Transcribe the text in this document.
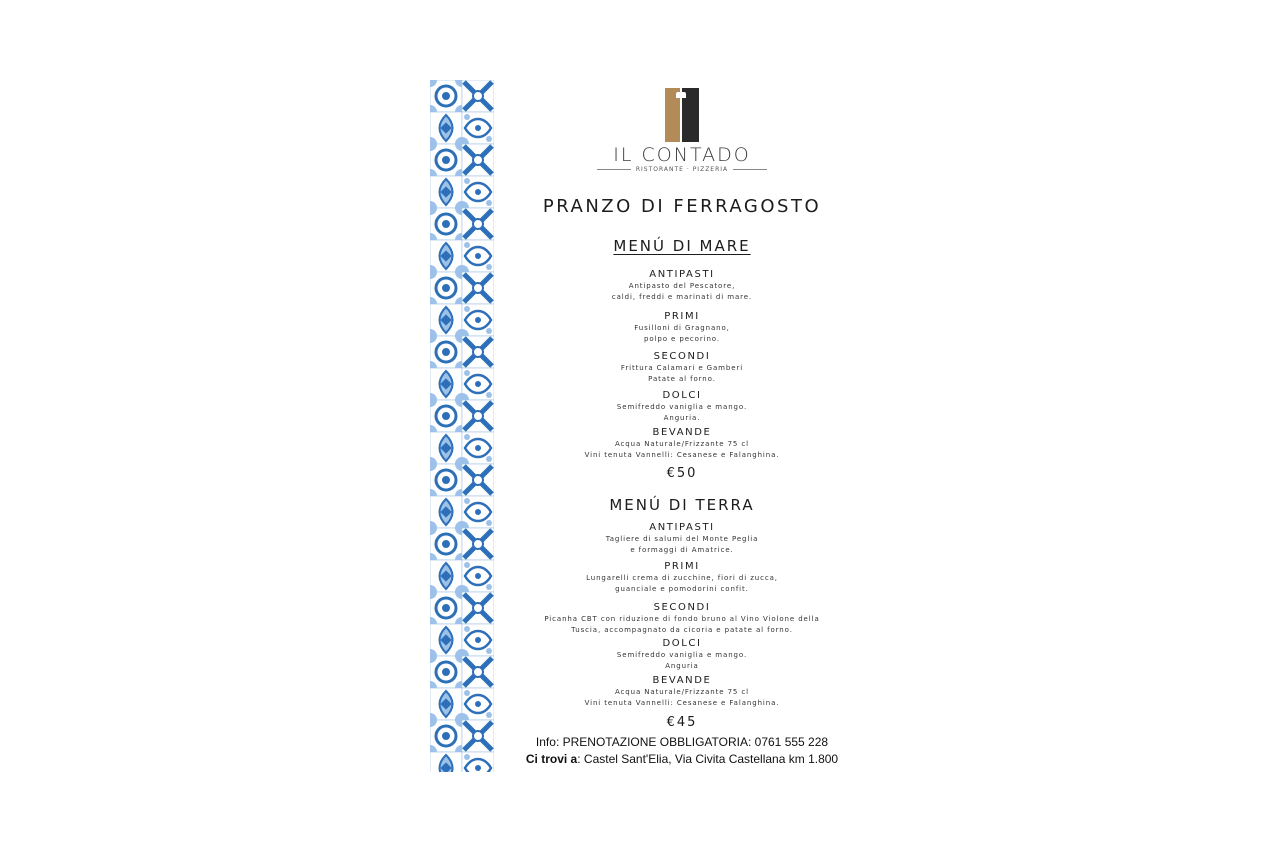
IL CONTADO
RISTORANTE · PIZZERIA
PRANZO DI FERRAGOSTO
MENÚ DI MARE
ANTIPASTI
Antipasto del Pescatore,
caldi, freddi e marinati di mare.
PRIMI
Fusilloni di Gragnano,
polpo e pecorino.
SECONDI
Frittura Calamari e Gamberi
Patate al forno.
DOLCI
Semifreddo vaniglia e mango.
Anguria.
BEVANDE
Acqua Naturale/Frizzante 75 cl
Vini tenuta Vannelli: Cesanese e Falanghina.
€50
MENÚ DI TERRA
ANTIPASTI
Tagliere di salumi del Monte Peglia
e formaggi di Amatrice.
PRIMI
Lungarelli crema di zucchine, fiori di zucca,
guanciale e pomodorini confit.
SECONDI
Picanha CBT con riduzione di fondo bruno al Vino Violone della
Tuscia, accompagnato da cicoria e patate al forno.
DOLCI
Semifreddo vaniglia e mango.
Anguria
BEVANDE
Acqua Naturale/Frizzante 75 cl
Vini tenuta Vannelli: Cesanese e Falanghina.
€45
Info: PRENOTAZIONE OBBLIGATORIA: 0761 555 228
Ci trovi a: Castel Sant'Elia, Via Civita Castellana km 1.800
